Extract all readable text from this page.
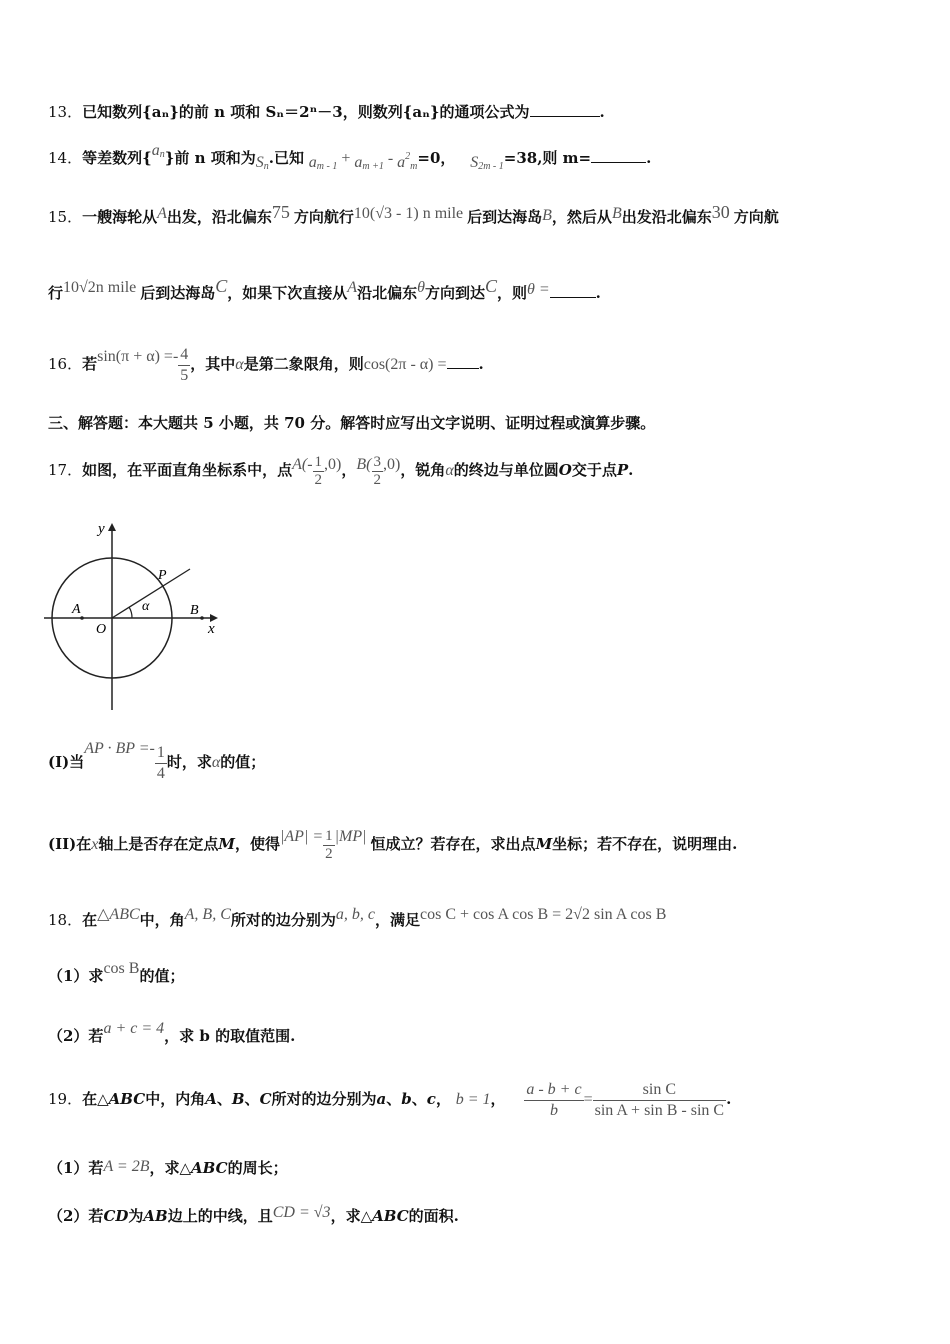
13．已知数列{aₙ}的前 n 项和 Sₙ＝2ⁿ－3，则数列{aₙ}的通项公式为	.
14．等差数列$\{a^n\}$前 n 项和为$S_n$.已知 $a_{m - 1} + a_{m +1} - a^2_m=0$， $S_{2m - 1}=38$,则 m=	.
15．一艘海轮从A出发，沿北偏东75 方向航行10(√3 - 1) n mile 后到达海岛B，然后从B出发沿北偏东30 方向航
行10√2n mile 后到达海岛C，如果下次直接从A沿北偏东θ方向到达C，则θ =	.
16．若$\sin(\pi + \alpha) =- \frac{4}{5}$ ，其中α是第二象限角，则cos(2π - α) = .
三、解答题：本大题共 5 小题，共 70 分。解答时应写出文字说明、证明过程或演算步骤。
17．如图，在平面直角坐标系中，点$A(- \frac{1}{2} ,0)$，$B( \frac{3}{2} ,0)$，锐角α的终边与单位圆O交于点P.
y
x
P
A
O
B
α
(I)当AP · BP =- $\frac{1}{4}$ 时，求α的值；
(II)在x轴上是否存在定点M，使得$|AP| = \frac{1}{2} |MP|$ 恒成立？若存在，求出点M坐标；若不存在，说明理由.
18．在△ABC中，角A, B, C所对的边分别为a, b, c，满足cos C + cos A cos B = 2√2 sin A cos B
（1）求cos B的值；
（2）若a + c = 4，求 b 的取值范围.
19．在△ABC中，内角A、B、C所对的边分别为a、b、c， b = 1， $\frac{a - b + c}{b} = \frac{\text{sin C}}{\text{sin A + sin B - sin C}}$ .
（1）若A = 2B，求△ABC的周长；
（2）若CD为AB边上的中线，且CD = √3，求△ABC的面积.
